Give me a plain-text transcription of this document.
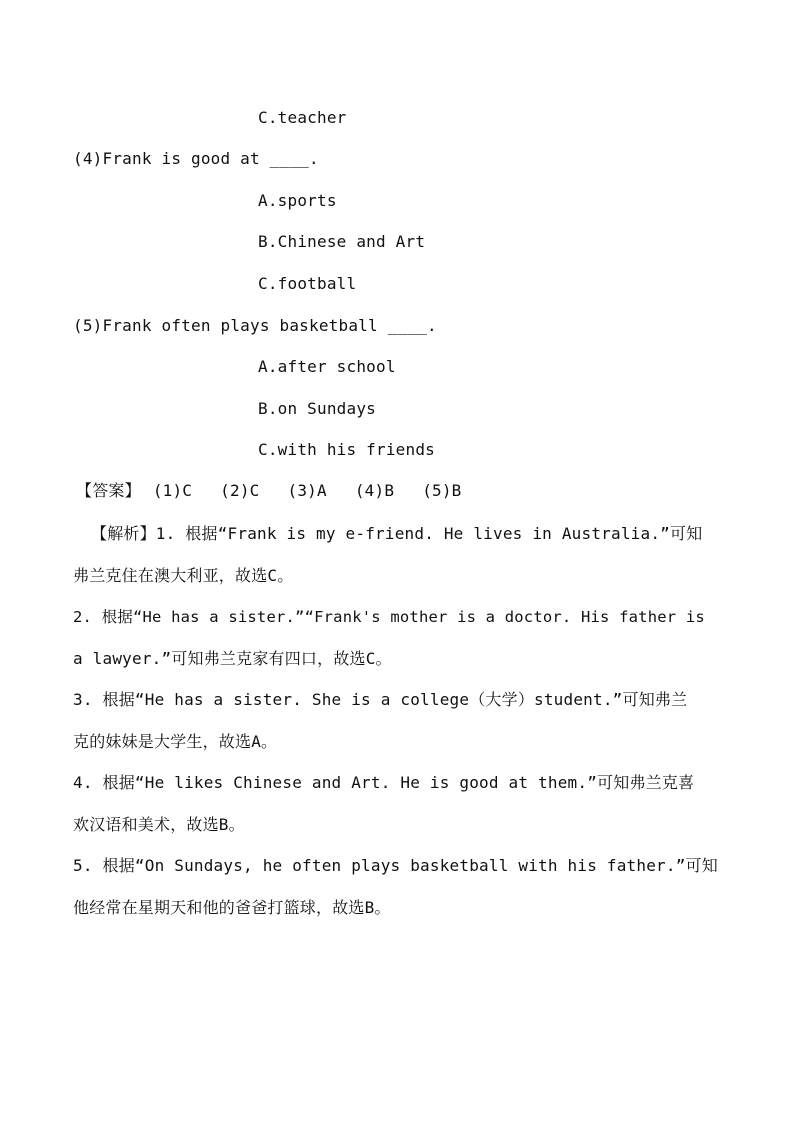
C.teacher
(4)Frank is good at ____.
A.sports
B.Chinese and Art
C.football
(5)Frank often plays basketball ____.
A.after school
B.on Sundays
C.with his friends
【答案】 (1)C (2)C (3)A (4)B (5)B
【解析】1. 根据“Frank is my e-friend. He lives in Australia.”可知
弗兰克住在澳大利亚，故选C。
2. 根据“He has a sister.”“Frank's mother is a doctor. His father is
a lawyer.”可知弗兰克家有四口，故选C。
3. 根据“He has a sister. She is a college（大学）student.”可知弗兰
克的妹妹是大学生，故选A。
4. 根据“He likes Chinese and Art. He is good at them.”可知弗兰克喜
欢汉语和美术，故选B。
5. 根据“On Sundays, he often plays basketball with his father.”可知
他经常在星期天和他的爸爸打篮球，故选B。
